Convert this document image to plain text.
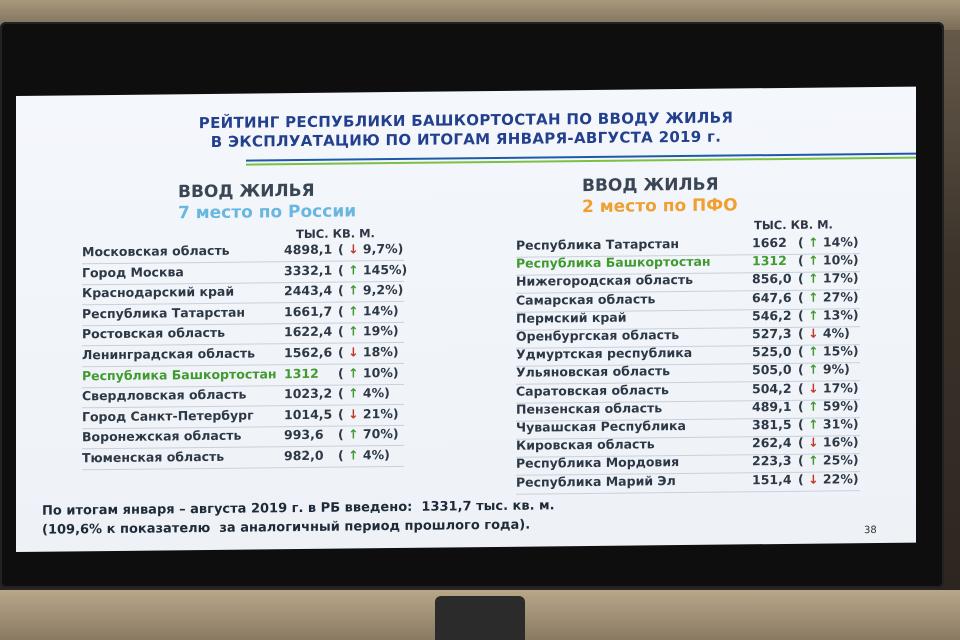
РЕЙТИНГ РЕСПУБЛИКИ БАШКОРТОСТАН ПО ВВОДУ ЖИЛЬЯ
В ЭКСПЛУАТАЦИЮ ПО ИТОГАМ ЯНВАРЯ-АВГУСТА 2019 г.
ВВОД ЖИЛЬЯ
7 место по России
ВВОД ЖИЛЬЯ
2 место по ПФО
ТЫС. КВ. М.
ТЫС. КВ. М.
Московская область	4898,1 ( ↓ 9,7%)
Город Москва	3332,1 ( ↑ 145%)
Краснодарский край	2443,4 ( ↑ 9,2%)
Республика Татарстан	1661,7 ( ↑ 14%)
Ростовская область	1622,4 ( ↑ 19%)
Ленинградская область 1562,6 ( ↓ 18%)
Республика Башкортостан 1312 ( ↑ 10%)
Свердловская область	1023,2 ( ↑ 4%)
Город Санкт-Петербург 1014,5 ( ↓ 21%)
Воронежская область	993,6 ( ↑ 70%)
Тюменская область	982,0 ( ↑ 4%)
Республика Татарстан	1662 ( ↑ 14%)
Республика Башкортостан	1312 ( ↑ 10%)
Нижегородская область	856,0 ( ↑ 17%)
Самарская область	647,6 ( ↑ 27%)
Пермский край	546,2 ( ↑ 13%)
Оренбургская область	527,3 ( ↓ 4%)
Удмуртская республика	525,0 ( ↑ 15%)
Ульяновская область	505,0 ( ↑ 9%)
Саратовская область	504,2 ( ↓ 17%)
Пензенская область	489,1 ( ↑ 59%)
Чувашская Республика	381,5 ( ↑ 31%)
Кировская область	262,4 ( ↓ 16%)
Республика Мордовия	223,3 ( ↑ 25%)
Республика Марий Эл	151,4 ( ↓ 22%)
По итогам января – августа 2019 г. в РБ введено:  1331,7 тыс. кв. м.
(109,6% к показателю  за аналогичный период прошлого года).	38
